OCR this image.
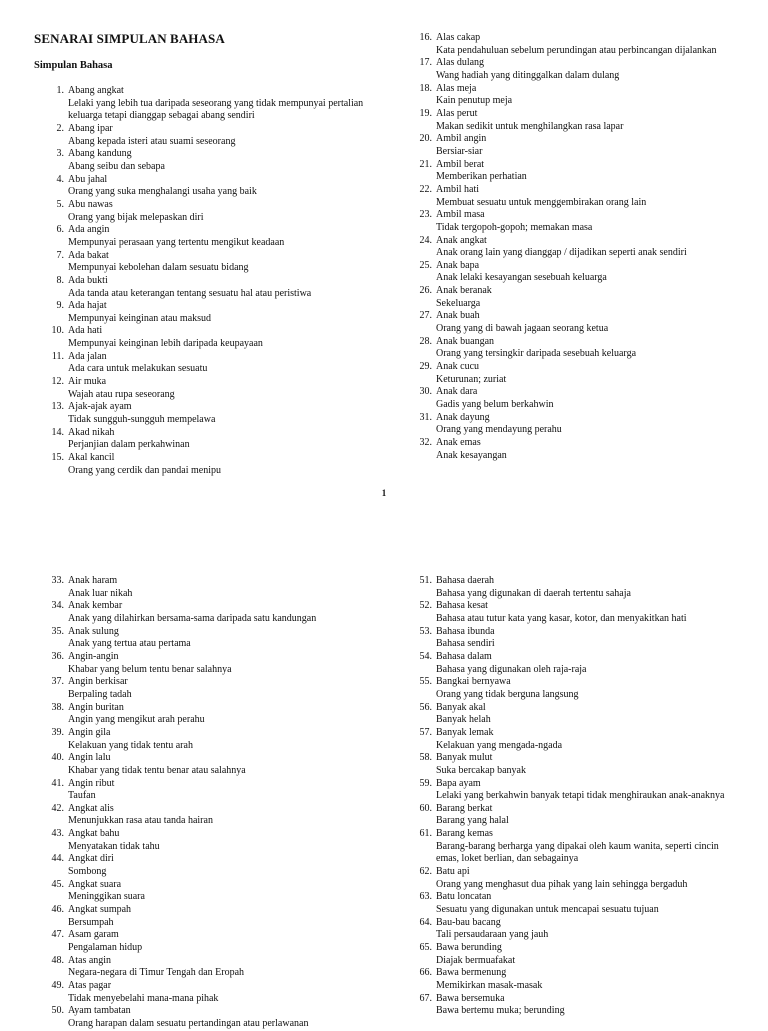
SENARAI SIMPULAN BAHASA
Simpulan Bahasa
1. Abang angkat
Lelaki yang lebih tua daripada seseorang yang tidak mempunyai pertalian keluarga tetapi dianggap sebagai abang sendiri
2. Abang ipar
Abang kepada isteri atau suami seseorang
3. Abang kandung
Abang seibu dan sebapa
4. Abu jahal
Orang yang suka menghalangi usaha yang baik
5. Abu nawas
Orang yang bijak melepaskan diri
6. Ada angin
Mempunyai perasaan yang tertentu mengikut keadaan
7. Ada bakat
Mempunyai kebolehan dalam sesuatu bidang
8. Ada bukti
Ada tanda atau keterangan tentang sesuatu hal atau peristiwa
9. Ada hajat
Mempunyai keinginan atau maksud
10. Ada hati
Mempunyai keinginan lebih daripada keupayaan
11. Ada jalan
Ada cara untuk melakukan sesuatu
12. Air muka
Wajah atau rupa seseorang
13. Ajak-ajak ayam
Tidak sungguh-sungguh mempelawa
14. Akad nikah
Perjanjian dalam perkahwinan
15. Akal kancil
Orang yang cerdik dan pandai menipu
16. Alas cakap
Kata pendahuluan sebelum perundingan atau perbincangan dijalankan
17. Alas dulang
Wang hadiah yang ditinggalkan dalam dulang
18. Alas meja
Kain penutup meja
19. Alas perut
Makan sedikit untuk menghilangkan rasa lapar
20. Ambil angin
Bersiar-siar
21. Ambil berat
Memberikan perhatian
22. Ambil hati
Membuat sesuatu untuk menggembirakan orang lain
23. Ambil masa
Tidak tergopoh-gopoh; memakan masa
24. Anak angkat
Anak orang lain yang dianggap / dijadikan seperti anak sendiri
25. Anak bapa
Anak lelaki kesayangan sesebuah keluarga
26. Anak beranak
Sekeluarga
27. Anak buah
Orang yang di bawah jagaan seorang ketua
28. Anak buangan
Orang yang tersingkir daripada sesebuah keluarga
29. Anak cucu
Keturunan; zuriat
30. Anak dara
Gadis yang belum berkahwin
31. Anak dayung
Orang yang mendayung perahu
32. Anak emas
Anak kesayangan
1
33. Anak haram
Anak luar nikah
34. Anak kembar
Anak yang dilahirkan bersama-sama daripada satu kandungan
35. Anak sulung
Anak yang tertua atau pertama
36. Angin-angin
Khabar yang belum tentu benar salahnya
37. Angin berkisar
Berpaling tadah
38. Angin buritan
Angin yang mengikut arah perahu
39. Angin gila
Kelakuan yang tidak tentu arah
40. Angin lalu
Khabar yang tidak tentu benar atau salahnya
41. Angin ribut
Taufan
42. Angkat alis
Menunjukkan rasa atau tanda hairan
43. Angkat bahu
Menyatakan tidak tahu
44. Angkat diri
Sombong
45. Angkat suara
Meninggikan suara
46. Angkat sumpah
Bersumpah
47. Asam garam
Pengalaman hidup
48. Atas angin
Negara-negara di Timur Tengah dan Eropah
49. Atas pagar
Tidak menyebelahi mana-mana pihak
50. Ayam tambatan
Orang harapan dalam sesuatu pertandingan atau perlawanan
51. Bahasa daerah
Bahasa yang digunakan di daerah tertentu sahaja
52. Bahasa kesat
Bahasa atau tutur kata yang kasar, kotor, dan menyakitkan hati
53. Bahasa ibunda
Bahasa sendiri
54. Bahasa dalam
Bahasa yang digunakan oleh raja-raja
55. Bangkai bernyawa
Orang yang tidak berguna langsung
56. Banyak akal
Banyak helah
57. Banyak lemak
Kelakuan yang mengada-ngada
58. Banyak mulut
Suka bercakap banyak
59. Bapa ayam
Lelaki yang berkahwin banyak tetapi tidak menghiraukan anak-anaknya
60. Barang berkat
Barang yang halal
61. Barang kemas
Barang-barang berharga yang dipakai oleh kaum wanita, seperti cincin emas, loket berlian, dan sebagainya
62. Batu api
Orang yang menghasut dua pihak yang lain sehingga bergaduh
63. Batu loncatan
Sesuatu yang digunakan untuk mencapai sesuatu tujuan
64. Bau-bau bacang
Tali persaudaraan yang jauh
65. Bawa berunding
Diajak bermuafakat
66. Bawa bermenung
Memikirkan masak-masak
67. Bawa bersemuka
Bawa bertemu muka; berunding
